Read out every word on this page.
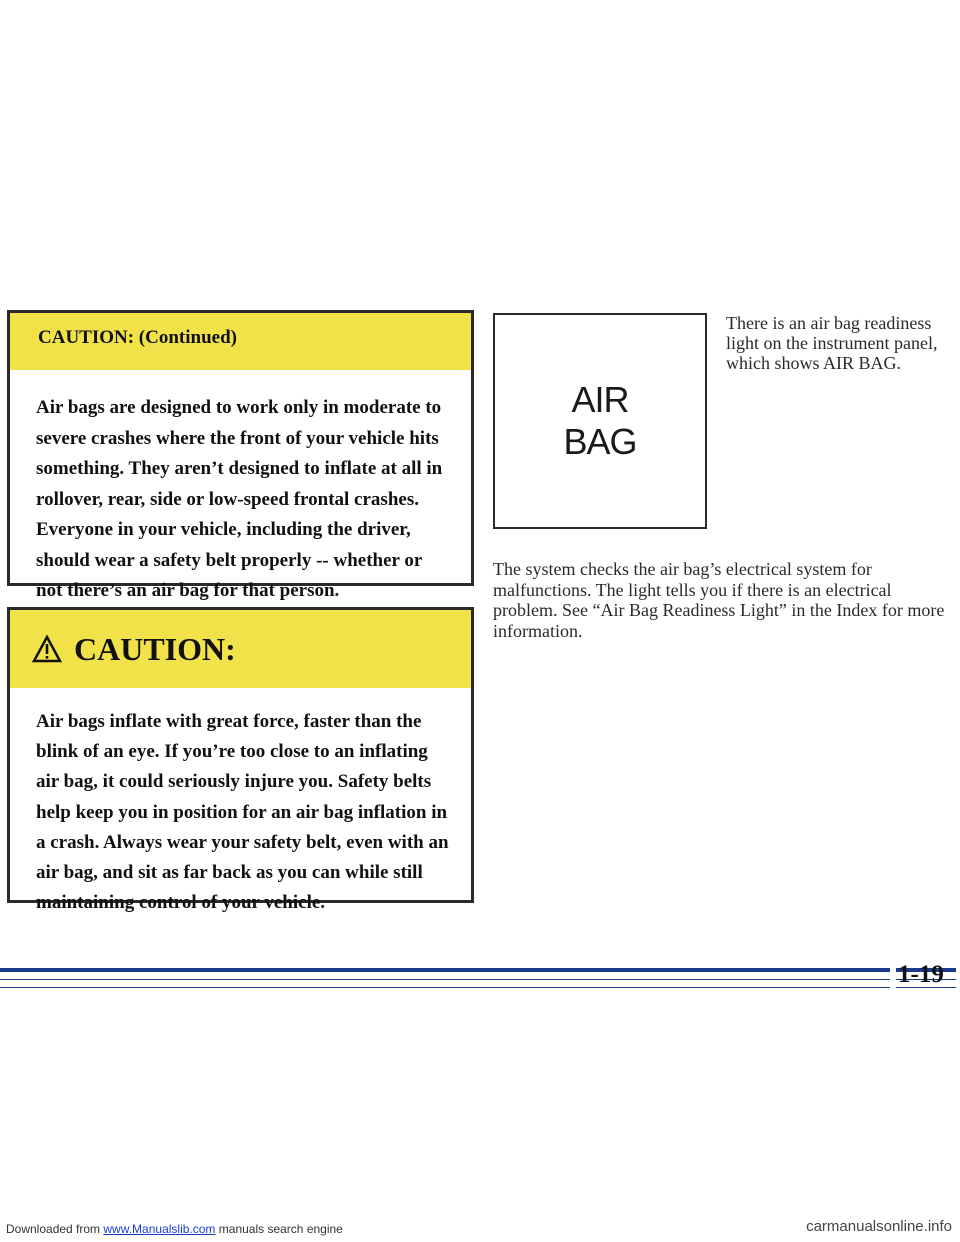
CAUTION: (Continued)
Air bags are designed to work only in moderate to severe crashes where the front of your vehicle hits something. They aren’t designed to inflate at all in rollover, rear, side or low-speed frontal crashes. Everyone in your vehicle, including the driver, should wear a safety belt properly -- whether or not there’s an air bag for that person.
CAUTION:
Air bags inflate with great force, faster than the blink of an eye. If you’re too close to an inflating air bag, it could seriously injure you. Safety belts help keep you in position for an air bag inflation in a crash. Always wear your safety belt, even with an air bag, and sit as far back as you can while still maintaining control of your vehicle.
AIR
BAG
There is an air bag readiness light on the instrument panel, which shows AIR BAG.
The system checks the air bag’s electrical system for malfunctions. The light tells you if there is an electrical problem. See “Air Bag Readiness Light” in the Index for more information.
1-19
Downloaded from www.Manualslib.com manuals search engine	carmanualsonline.info
